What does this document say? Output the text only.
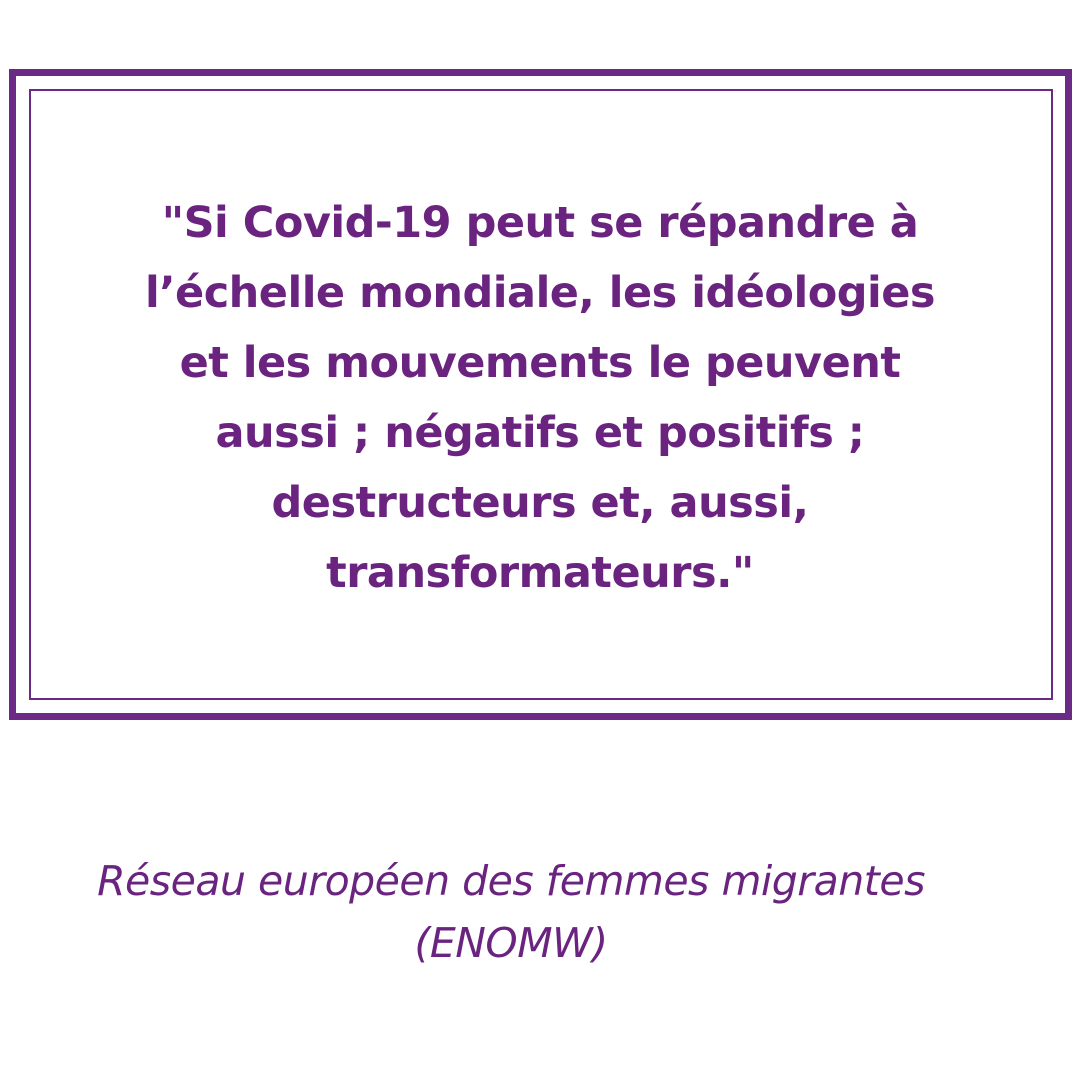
"Si Covid-19 peut se répandre à
l’échelle mondiale, les idéologies
et les mouvements le peuvent
aussi ; négatifs et positifs ;
destructeurs et, aussi,
transformateurs."

Réseau européen des femmes migrantes
(ENOMW)
